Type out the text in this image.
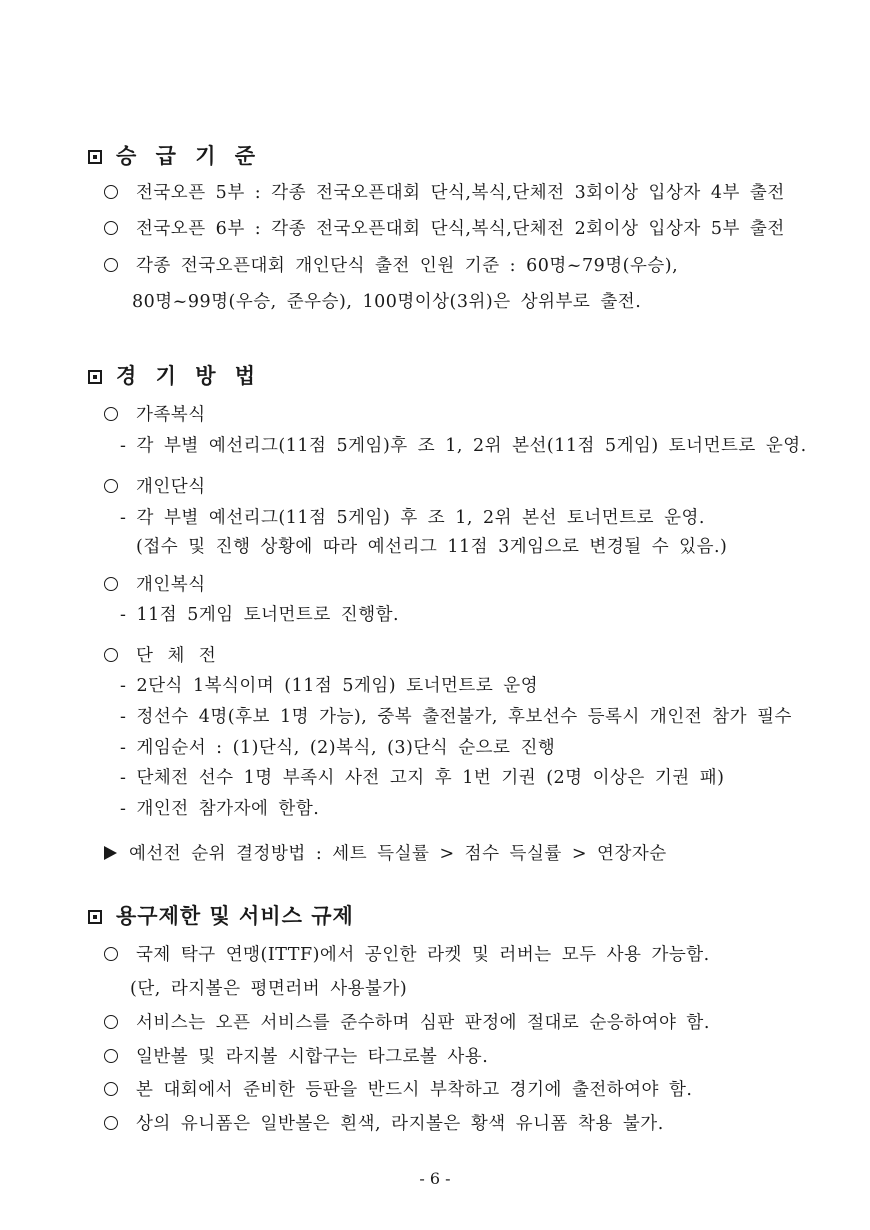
승 급 기 준
전국오픈 5부 : 각종 전국오픈대회 단식,복식,단체전 3회이상 입상자 4부 출전
전국오픈 6부 : 각종 전국오픈대회 단식,복식,단체전 2회이상 입상자 5부 출전
각종 전국오픈대회 개인단식 출전 인원 기준 : 60명~79명(우승),
80명~99명(우승, 준우승), 100명이상(3위)은 상위부로 출전.
경 기 방 법
가족복식
- 각 부별 예선리그(11점 5게임)후 조 1, 2위 본선(11점 5게임) 토너먼트로 운영.
개인단식
- 각 부별 예선리그(11점 5게임) 후 조 1, 2위 본선 토너먼트로 운영.
(접수 및 진행 상황에 따라 예선리그 11점 3게임으로 변경될 수 있음.)
개인복식
- 11점 5게임 토너먼트로 진행함.
단 체 전
- 2단식 1복식이며 (11점 5게임) 토너먼트로 운영
- 정선수 4명(후보 1명 가능), 중복 출전불가, 후보선수 등록시 개인전 참가 필수
- 게임순서 : (1)단식, (2)복식, (3)단식 순으로 진행
- 단체전 선수 1명 부족시 사전 고지 후 1번 기권 (2명 이상은 기권 패)
- 개인전 참가자에 한함.
예선전 순위 결정방법 : 세트 득실률 > 점수 득실률 > 연장자순
용구제한 및 서비스 규제
국제 탁구 연맹(ITTF)에서 공인한 라켓 및 러버는 모두 사용 가능함.
(단, 라지볼은 평면러버 사용불가)
서비스는 오픈 서비스를 준수하며 심판 판정에 절대로 순응하여야 함.
일반볼 및 라지볼 시합구는 타그로볼 사용.
본 대회에서 준비한 등판을 반드시 부착하고 경기에 출전하여야 함.
상의 유니폼은 일반볼은 흰색, 라지볼은 황색 유니폼 착용 불가.
- 6 -
